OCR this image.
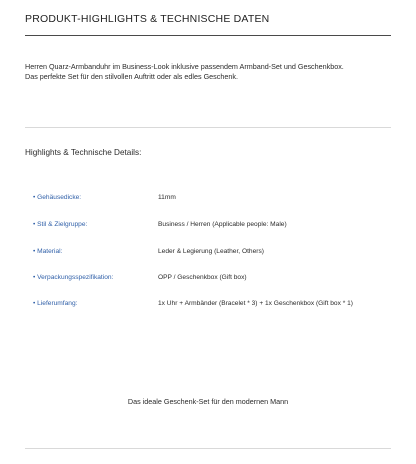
PRODUKT-HIGHLIGHTS & TECHNISCHE DATEN
Herren Quarz-Armbanduhr im Business-Look inklusive passendem Armband-Set und Geschenkbox.
Das perfekte Set für den stilvollen Auftritt oder als edles Geschenk.
Highlights & Technische Details:
• Gehäusedicke:	11mm
• Stil & Zielgruppe:	Business / Herren (Applicable people: Male)
• Material:	Leder & Legierung (Leather, Others)
• Verpackungsspezifikation:	OPP / Geschenkbox (Gift box)
• Lieferumfang:	1x Uhr + Armbänder (Bracelet * 3) + 1x Geschenkbox (Gift box * 1)
Das ideale Geschenk-Set für den modernen Mann
